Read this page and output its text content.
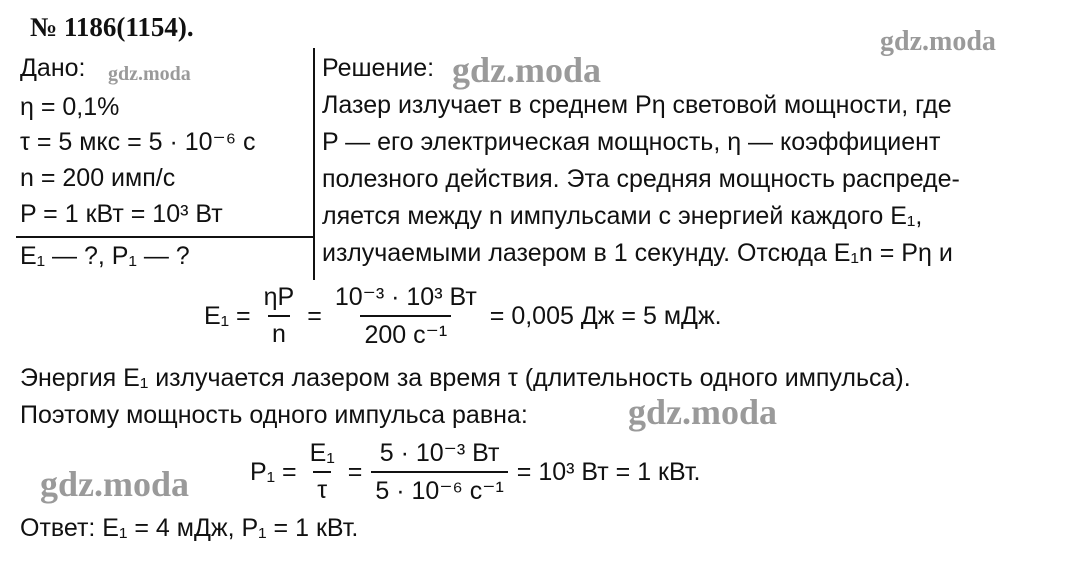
№ 1186(1154).	gdz.moda
gdz.moda	gdz.moda
gdz.moda
gdz.moda
Дано:
η = 0,1%
τ = 5 мкс = 5 · 10⁻⁶ с
n = 200 имп/с
P = 1 кВт = 10³ Вт
E₁ — ?, P₁ — ?
Решение:
Лазер излучает в среднем Pη световой мощности, где
P — его электрическая мощность, η — коэффициент
полезного действия. Эта средняя мощность распреде-
ляется между n импульсами с энергией каждого E₁,
излучаемыми лазером в 1 секунду. Отсюда E₁n = Pη и
$E_1 = \frac{\eta P}{n} = \frac{\text{10⁻³ · 10³ Вт}}{\text{200 с⁻¹}} = 0,005$ Дж = 5 мДж.
Энергия E₁ излучается лазером за время τ (длительность одного импульса).
Поэтому мощность одного импульса равна:
$P_1 = \frac{\text{E₁}}{\tau} = \frac{\text{5 · 10⁻³ Вт}}{\text{5 · 10⁻⁶ с⁻¹}} = 10^3$ Вт = 1 кВт.
Ответ: E₁ = 4 мДж, P₁ = 1 кВт.
